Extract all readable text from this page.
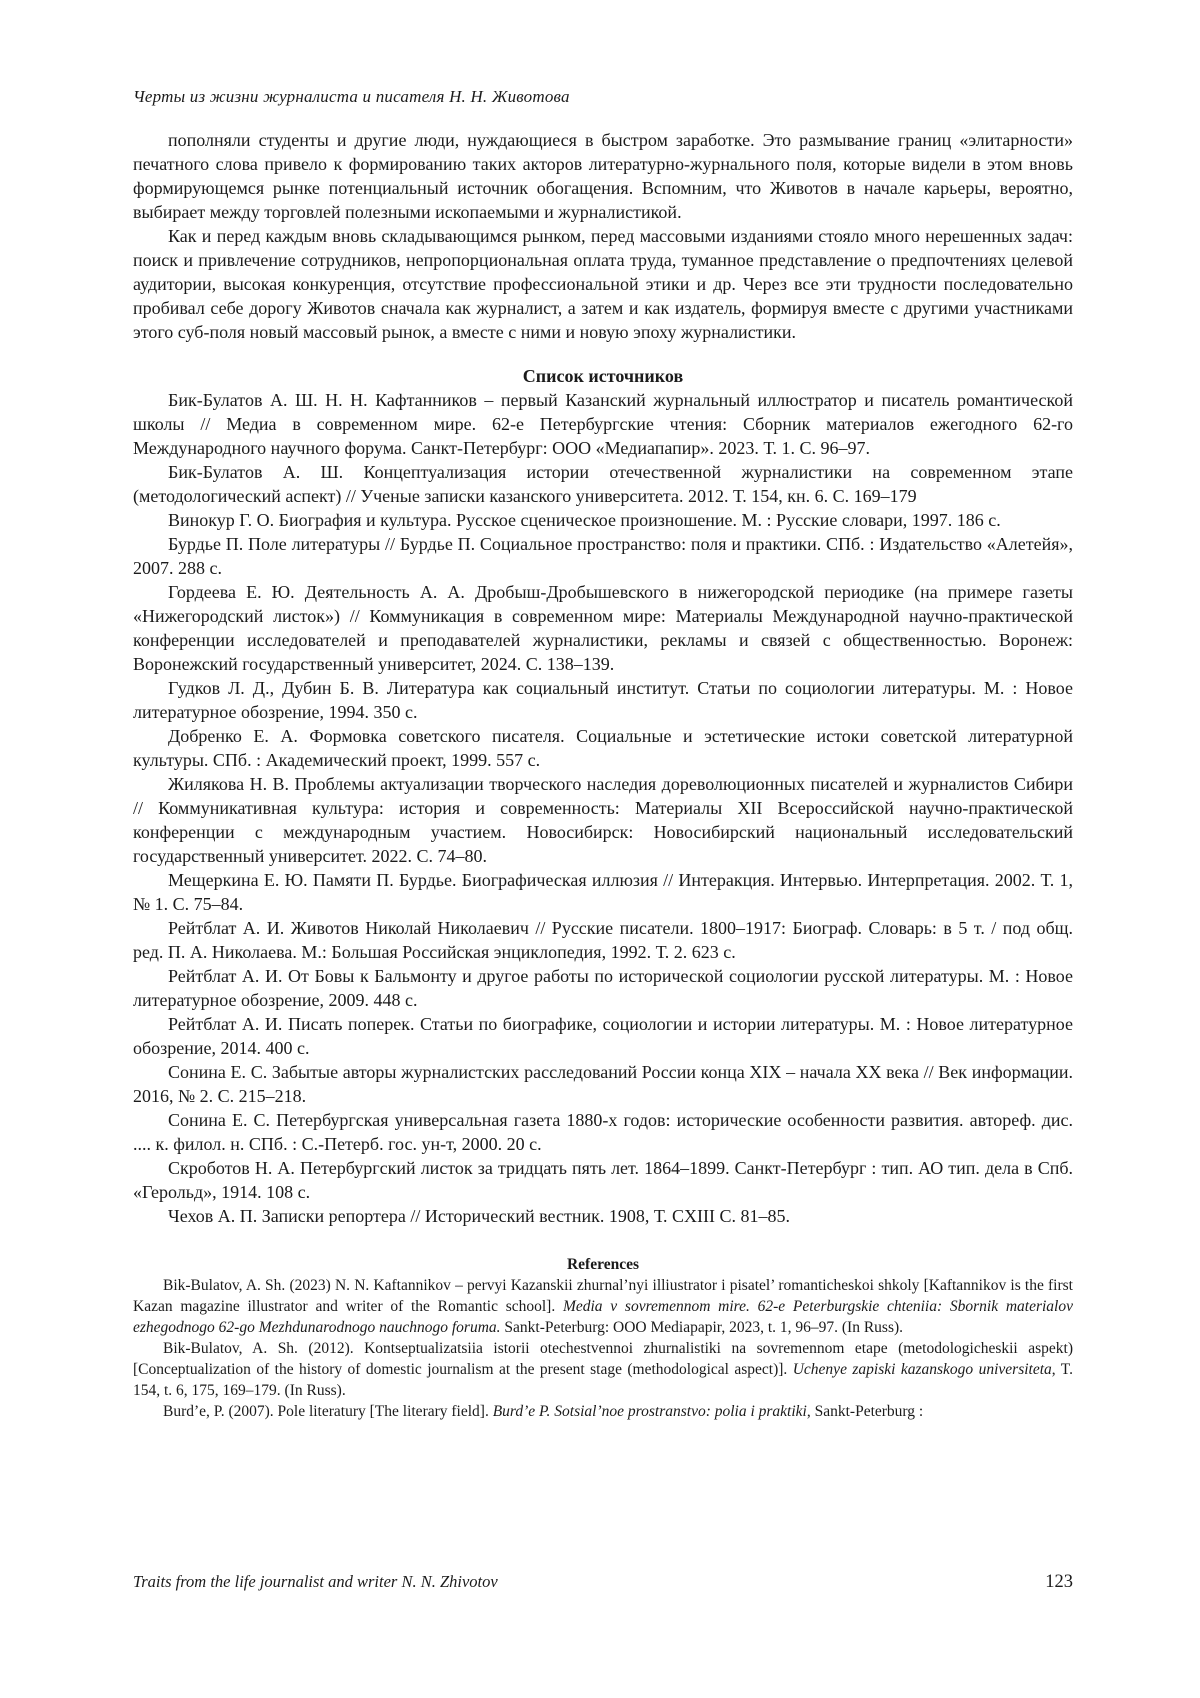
Черты из жизни журналиста и писателя Н. Н. Животова

пополняли студенты и другие люди, нуждающиеся в быстром заработке. Это размывание границ «элитарности» печатного слова привело к формированию таких акторов литературно-журнального поля, которые видели в этом вновь формирующемся рынке потенциальный источник обогащения. Вспомним, что Животов в начале карьеры, вероятно, выбирает между торговлей полезными ископаемыми и журналистикой.

Как и перед каждым вновь складывающимся рынком, перед массовыми изданиями стояло много нерешенных задач: поиск и привлечение сотрудников, непропорциональная оплата труда, туманное представление о предпочтениях целевой аудитории, высокая конкуренция, отсутствие профессиональной этики и др. Через все эти трудности последовательно пробивал себе дорогу Животов сначала как журналист, а затем и как издатель, формируя вместе с другими участниками этого суб-поля новый массовый рынок, а вместе с ними и новую эпоху журналистики.

Список источников

Бик-Булатов А. Ш. Н. Н. Кафтанников – первый Казанский журнальный иллюстратор и писатель романтической школы // Медиа в современном мире. 62-е Петербургские чтения: Сборник материалов ежегодного 62-го Международного научного форума. Санкт-Петербург: ООО «Медиапапир». 2023. Т. 1. С. 96–97.

Бик-Булатов А. Ш. Концептуализация истории отечественной журналистики на современном этапе (методологический аспект) // Ученые записки казанского университета. 2012. Т. 154, кн. 6. С. 169–179

Винокур Г. О. Биография и культура. Русское сценическое произношение. М. : Русские словари, 1997. 186 с.

Бурдье П. Поле литературы // Бурдье П. Социальное пространство: поля и практики. СПб. : Издательство «Алетейя», 2007. 288 с.

Гордеева Е. Ю. Деятельность А. А. Дробыш-Дробышевского в нижегородской периодике (на примере газеты «Нижегородский листок») // Коммуникация в современном мире: Материалы Международной научно-практической конференции исследователей и преподавателей журналистики, рекламы и связей с общественностью. Воронеж: Воронежский государственный университет, 2024. С. 138–139.

Гудков Л. Д., Дубин Б. В. Литература как социальный институт. Статьи по социологии литературы. М. : Новое литературное обозрение, 1994. 350 с.

Добренко Е. А. Формовка советского писателя. Социальные и эстетические истоки советской литературной культуры. СПб. : Академический проект, 1999. 557 с.

Жилякова Н. В. Проблемы актуализации творческого наследия дореволюционных писателей и журналистов Сибири // Коммуникативная культура: история и современность: Материалы XII Всероссийской научно-практической конференции с международным участием. Новосибирск: Новосибирский национальный исследовательский государственный университет. 2022. С. 74–80.

Мещеркина Е. Ю. Памяти П. Бурдье. Биографическая иллюзия // Интеракция. Интервью. Интерпретация. 2002. Т. 1, № 1. С. 75–84.

Рейтблат А. И. Животов Николай Николаевич // Русские писатели. 1800–1917: Биограф. Словарь: в 5 т. / под общ. ред. П. А. Николаева. М.: Большая Российская энциклопедия, 1992. Т. 2. 623 с.

Рейтблат А. И. От Бовы к Бальмонту и другое работы по исторической социологии русской литературы. М. : Новое литературное обозрение, 2009. 448 с.

Рейтблат А. И. Писать поперек. Статьи по биографике, социологии и истории литературы. М. : Новое литературное обозрение, 2014. 400 с.

Сонина Е. С. Забытые авторы журналистских расследований России конца XIX – начала XX века // Век информации. 2016, № 2. С. 215–218.

Сонина Е. С. Петербургская универсальная газета 1880-х годов: исторические особенности развития. автореф. дис. .... к. филол. н. СПб. : С.-Петерб. гос. ун-т, 2000. 20 с.

Скроботов Н. А. Петербургский листок за тридцать пять лет. 1864–1899. Санкт-Петербург : тип. АО тип. дела в Спб. «Герольд», 1914. 108 с.

Чехов А. П. Записки репортера // Исторический вестник. 1908, Т. CXIII С. 81–85.

References

Bik-Bulatov, A. Sh. (2023) N. N. Kaftannikov – pervyi Kazanskii zhurnal’nyi illiustrator i pisatel’ romanticheskoi shkoly [Kaftannikov is the first Kazan magazine illustrator and writer of the Romantic school]. Media v sovremennom mire. 62-e Peterburgskie chteniia: Sbornik materialov ezhegodnogo 62-go Mezhdunarodnogo nauchnogo foruma. Sankt-Peterburg: OOO Mediapapir, 2023, t. 1, 96–97. (In Russ).

Bik-Bulatov, A. Sh. (2012). Kontseptualizatsiia istorii otechestvennoi zhurnalistiki na sovremennom etape (metodologicheskii aspekt) [Conceptualization of the history of domestic journalism at the present stage (methodological aspect)]. Uchenye zapiski kazanskogo universiteta, T. 154, t. 6, 175, 169–179. (In Russ).

Burd’e, P. (2007). Pole literatury [The literary field]. Burd’e P. Sotsial’noe prostranstvo: polia i praktiki, Sankt-Peterburg :

Traits from the life journalist and writer N. N. Zhivotov	123
